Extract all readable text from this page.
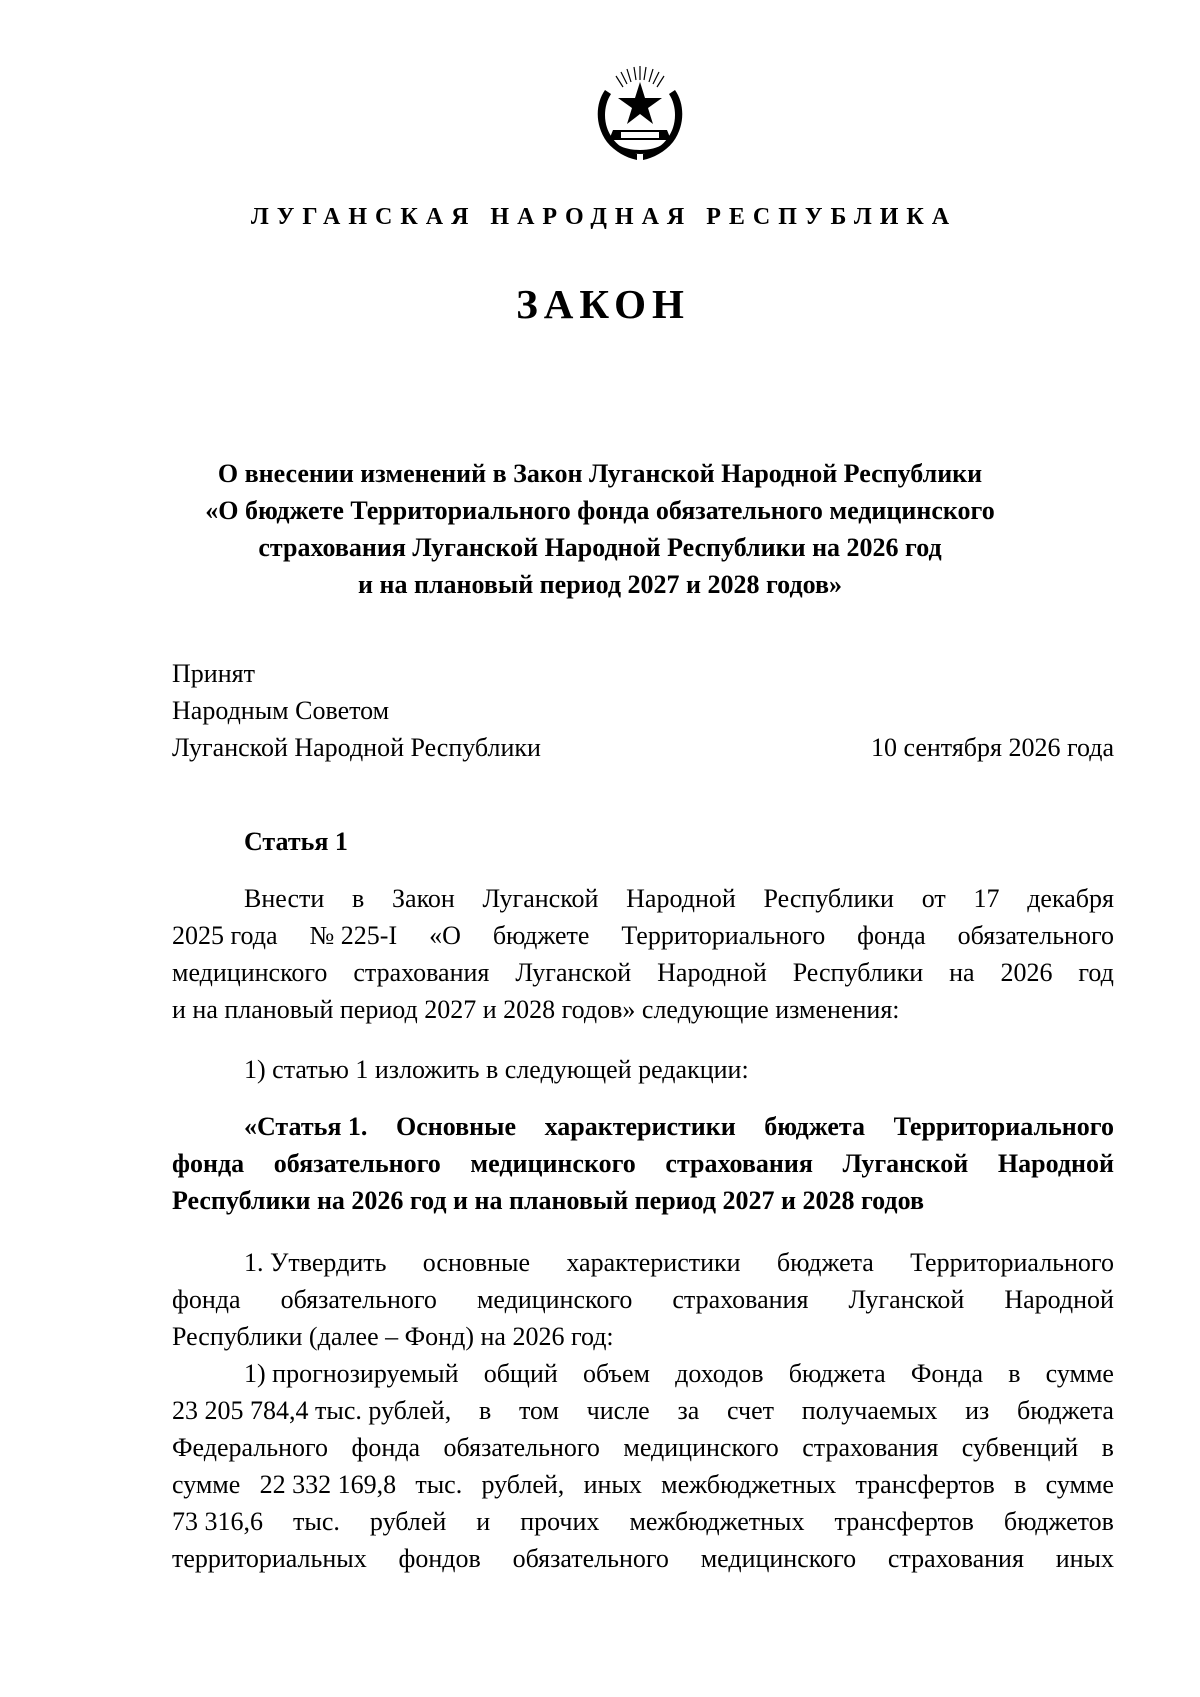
ЛУГАНСКАЯ НАРОДНАЯ РЕСПУБЛИКА
ЗАКОН
О внесении изменений в Закон Луганской Народной Республики
«О бюджете Территориального фонда обязательного медицинского
страхования Луганской Народной Республики на 2026 год
и на плановый период 2027 и 2028 годов»
Принят
Народным Советом
Луганской Народной Республики	10 сентября 2026 года
Статья 1
Внести в Закон Луганской Народной Республики от 17 декабря
2025 года № 225-I «О бюджете Территориального фонда обязательного
медицинского страхования Луганской Народной Республики на 2026 год
и на плановый период 2027 и 2028 годов» следующие изменения:
1) статью 1 изложить в следующей редакции:
«Статья 1. Основные характеристики бюджета Территориального
фонда обязательного медицинского страхования Луганской Народной
Республики на 2026 год и на плановый период 2027 и 2028 годов
1. Утвердить основные характеристики бюджета Территориального
фонда обязательного медицинского страхования Луганской Народной
Республики (далее – Фонд) на 2026 год:
1) прогнозируемый общий объем доходов бюджета Фонда в сумме
23 205 784,4 тыс. рублей, в том числе за счет получаемых из бюджета
Федерального фонда обязательного медицинского страхования субвенций в
сумме 22 332 169,8 тыс. рублей, иных межбюджетных трансфертов в сумме
73 316,6 тыс. рублей и прочих межбюджетных трансфертов бюджетов
территориальных фондов обязательного медицинского страхования иных
